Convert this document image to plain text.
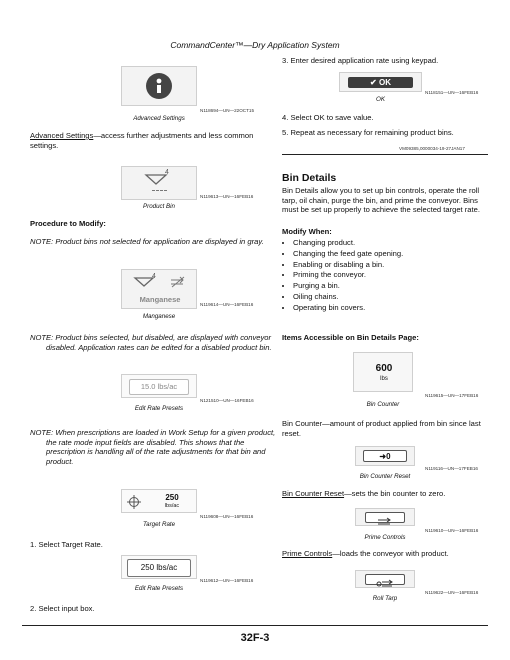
CommandCenter™—Dry Application System
N118694—UN—22OCT15
Advanced Settings
Advanced Settings—access further adjustments and less common settings.
4
N119613—UN—16FEB16
Product Bin
Procedure to Modify:
NOTE: Product bins not selected for application are displayed in gray.
4
Manganese
N119614—UN—16FEB16
Manganese
NOTE: Product bins selected, but disabled, are displayed with conveyor disabled. Application rates can be edited for a disabled product bin.
15.0 lbs/ac
N121510—UN—16FEB16
Edit Rate Presets
NOTE: When prescriptions are loaded in Work Setup for a given product, the rate mode input fields are disabled. This shows that the prescription is handling all of the rate adjustments for that bin and product.
250
lbs/ac
N119608—UN—16FEB16
Target Rate
1. Select Target Rate.
250 lbs/ac
N119612—UN—16FEB16
Edit Rate Presets
2. Select input box.
3. Enter desired application rate using keypad.
✔ OK
N118151—UN—16FEB16
OK
4. Select OK to save value.
5. Repeat as necessary for remaining product bins.
VM09385,0000034-19-27JAN17
Bin Details
Bin Details allow you to set up bin controls, operate the roll tarp, oil chain, purge the bin, and prime the conveyor. Bins must be set up properly to achieve the selected target rate.
Modify When:
• Changing product.
• Changing the feed gate opening.
• Enabling or disabling a bin.
• Priming the conveyor.
• Purging a bin.
• Oiling chains.
• Operating bin covers.
Items Accessible on Bin Details Page:
600
lbs
N119615—UN—17FEB16
Bin Counter
Bin Counter—amount of product applied from bin since last reset.
➜0
N119116—UN—17FEB16
Bin Counter Reset
Bin Counter Reset—sets the bin counter to zero.
N119610—UN—16FEB16
Prime Controls
Prime Controls—loads the conveyor with product.
N119622—UN—16FEB16
Roll Tarp
32F-3
